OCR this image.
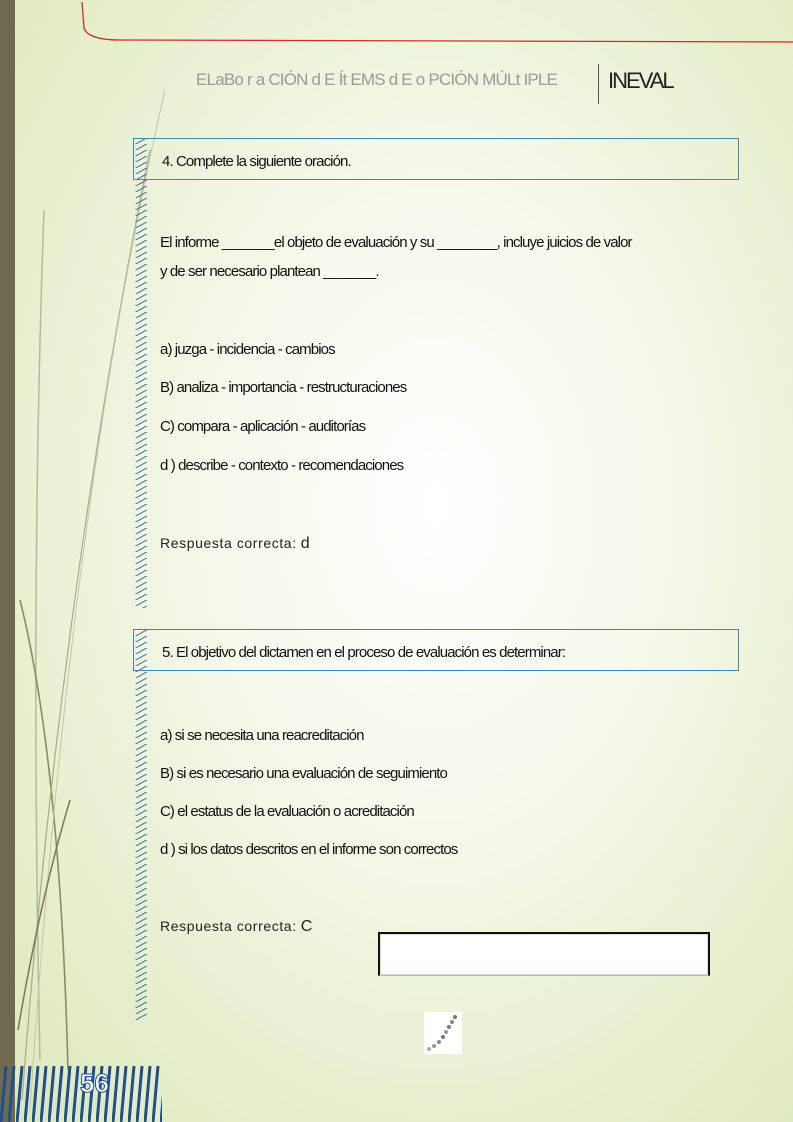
ELaBo r a CIÓN d E Ít EMS d E o PCIÓN MÚLt IPLE INEVAL
4. Complete la siguiente oración.
El informe _______el objeto de evaluación y su ________, incluye juicios de valor
y de ser necesario plantean _______.
a) juzga - incidencia - cambios
B) analiza - importancia - restructuraciones
C) compara - aplicación - auditorías
d ) describe - contexto - recomendaciones
Respuesta correcta: d
5. El objetivo del dictamen en el proceso de evaluación es determinar:
a) si se necesita una reacreditación
B) si es necesario una evaluación de seguimiento
C) el estatus de la evaluación o acreditación
d ) si los datos descritos en el informe son correctos
Respuesta correcta: C
56
